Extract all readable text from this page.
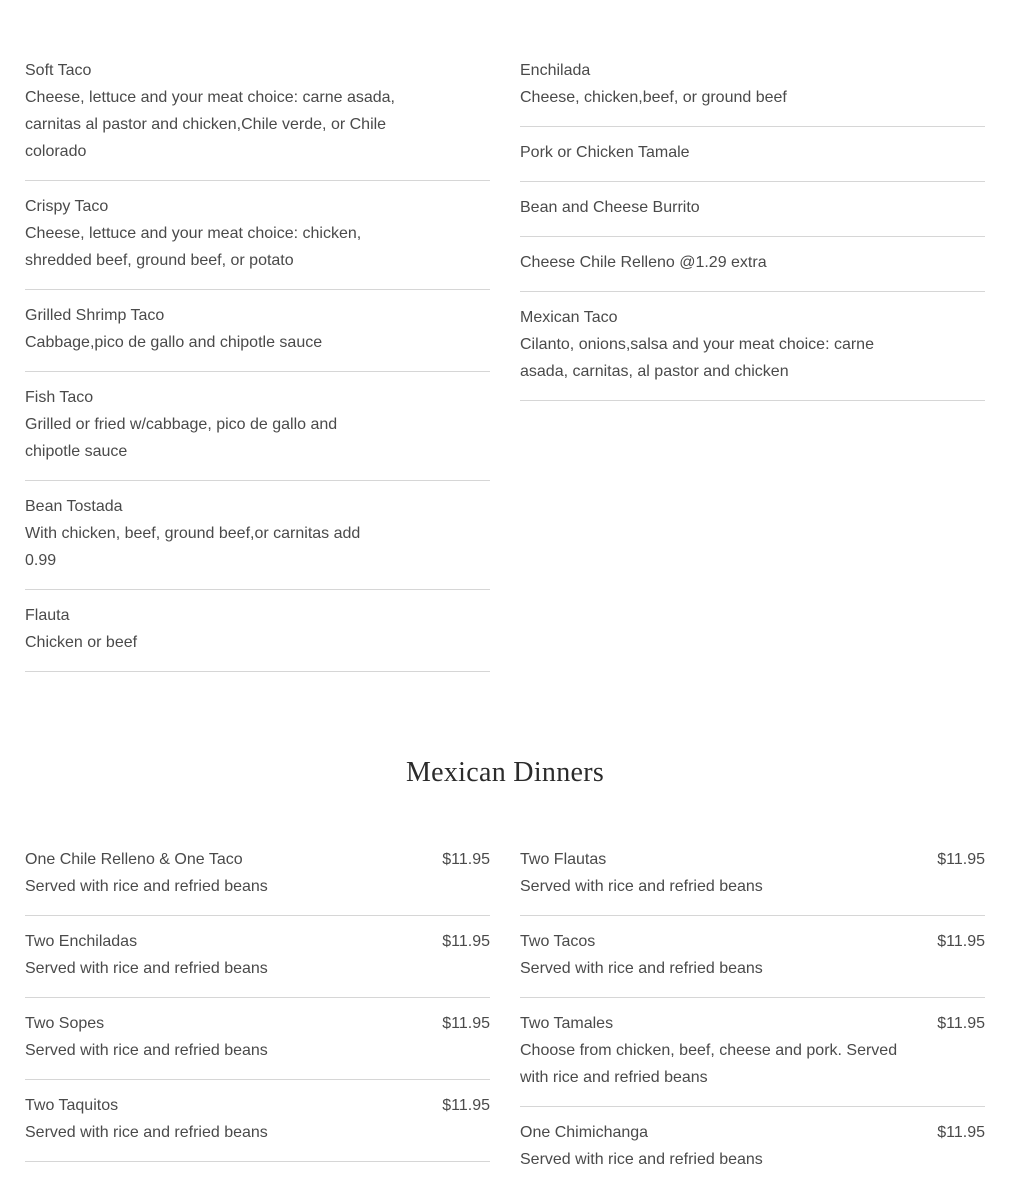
Soft Taco
Cheese, lettuce and your meat choice: carne asada, carnitas al pastor and chicken,Chile verde, or Chile colorado
Crispy Taco
Cheese, lettuce and your meat choice: chicken, shredded beef, ground beef, or potato
Grilled Shrimp Taco
Cabbage,pico de gallo and chipotle sauce
Fish Taco
Grilled or fried w/cabbage, pico de gallo and chipotle sauce
Bean Tostada
With chicken, beef, ground beef,or carnitas add 0.99
Flauta
Chicken or beef
Enchilada
Cheese, chicken,beef, or ground beef
Pork or Chicken Tamale
Bean and Cheese Burrito
Cheese Chile Relleno @1.29 extra
Mexican Taco
Cilanto, onions,salsa and your meat choice: carne asada, carnitas, al pastor and chicken
Mexican Dinners
One Chile Relleno & One Taco	$11.95
Served with rice and refried beans
Two Enchiladas	$11.95
Served with rice and refried beans
Two Sopes	$11.95
Served with rice and refried beans
Two Taquitos	$11.95
Served with rice and refried beans
Two Flautas	$11.95
Served with rice and refried beans
Two Tacos	$11.95
Served with rice and refried beans
Two Tamales	$11.95
Choose from chicken, beef, cheese and pork. Served with rice and refried beans
One Chimichanga	$11.95
Served with rice and refried beans
